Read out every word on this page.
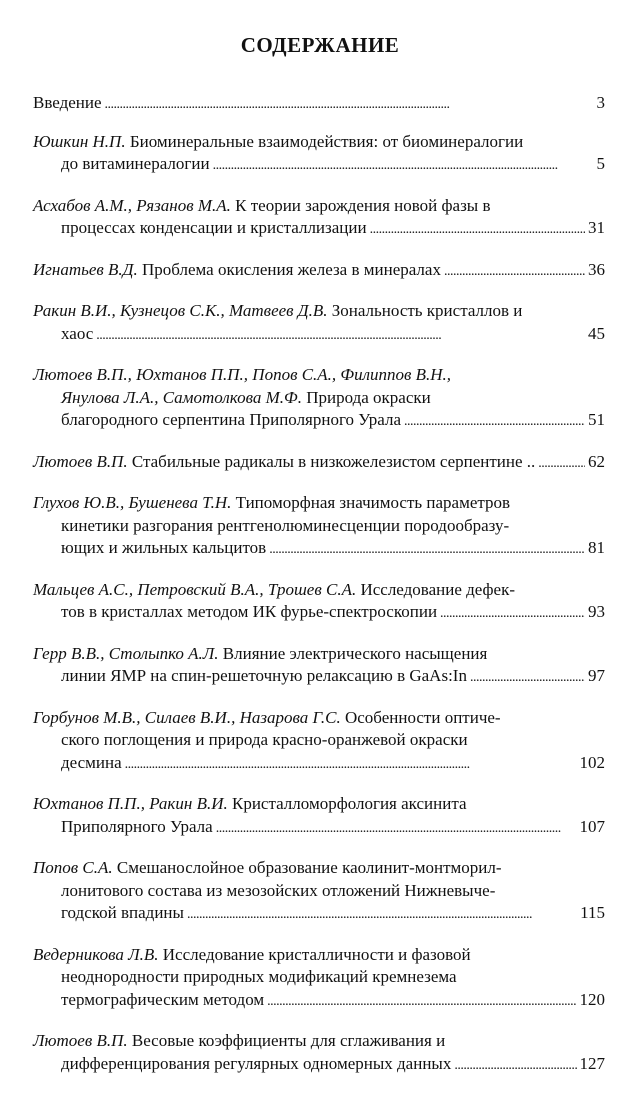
СОДЕРЖАНИЕ
Введение . . .	3
Юшкин Н.П. Биоминеральные взаимодействия: от биоминералогии
до витаминералогии . . .	5
Асхабов А.М., Рязанов М.А. К теории зарождения новой фазы в
процессах конденсации и кристаллизации . . .	31
Игнатьев В.Д. Проблема окисления железа в минералах . . .	36
Ракин В.И., Кузнецов С.К., Матвеев Д.В. Зональность кристаллов и
хаос . . .	45
Лютоев В.П., Юхтанов П.П., Попов С.А., Филиппов В.Н.,
Янулова Л.А., Самотолкова М.Ф. Природа окраски
благородного серпентина Приполярного Урала . . .	51
Лютоев В.П. Стабильные радикалы в низкожелезистом серпентине .. . . .	62
Глухов Ю.В., Бушенева Т.Н. Типоморфная значимость параметров
кинетики разгорания рентгенолюминесценции породообразу-
ющих и жильных кальцитов . . .	81
Мальцев А.С., Петровский В.А., Трошев С.А. Исследование дефек-
тов в кристаллах методом ИК фурье-спектроскопии . . .	93
Герр В.В., Столыпко А.Л. Влияние электрического насыщения
линии ЯМР на спин-решеточную релаксацию в GaAs:In . . .	97
Горбунов М.В., Силаев В.И., Назарова Г.С. Особенности оптиче-
ского поглощения и природа красно-оранжевой окраски
десмина . . .	102
Юхтанов П.П., Ракин В.И. Кристалломорфология аксинита
Приполярного Урала . . .	107
Попов С.А. Смешанослойное образование каолинит-монтморил-
лонитового состава из мезозойских отложений Нижневыче-
годской впадины . . .	115
Ведерникова Л.В. Исследование кристалличности и фазовой
неоднородности природных модификаций кремнезема
термографическим методом . . .	120
Лютоев В.П. Весовые коэффициенты для сглаживания и
дифференцирования регулярных одномерных данных . . .	127
